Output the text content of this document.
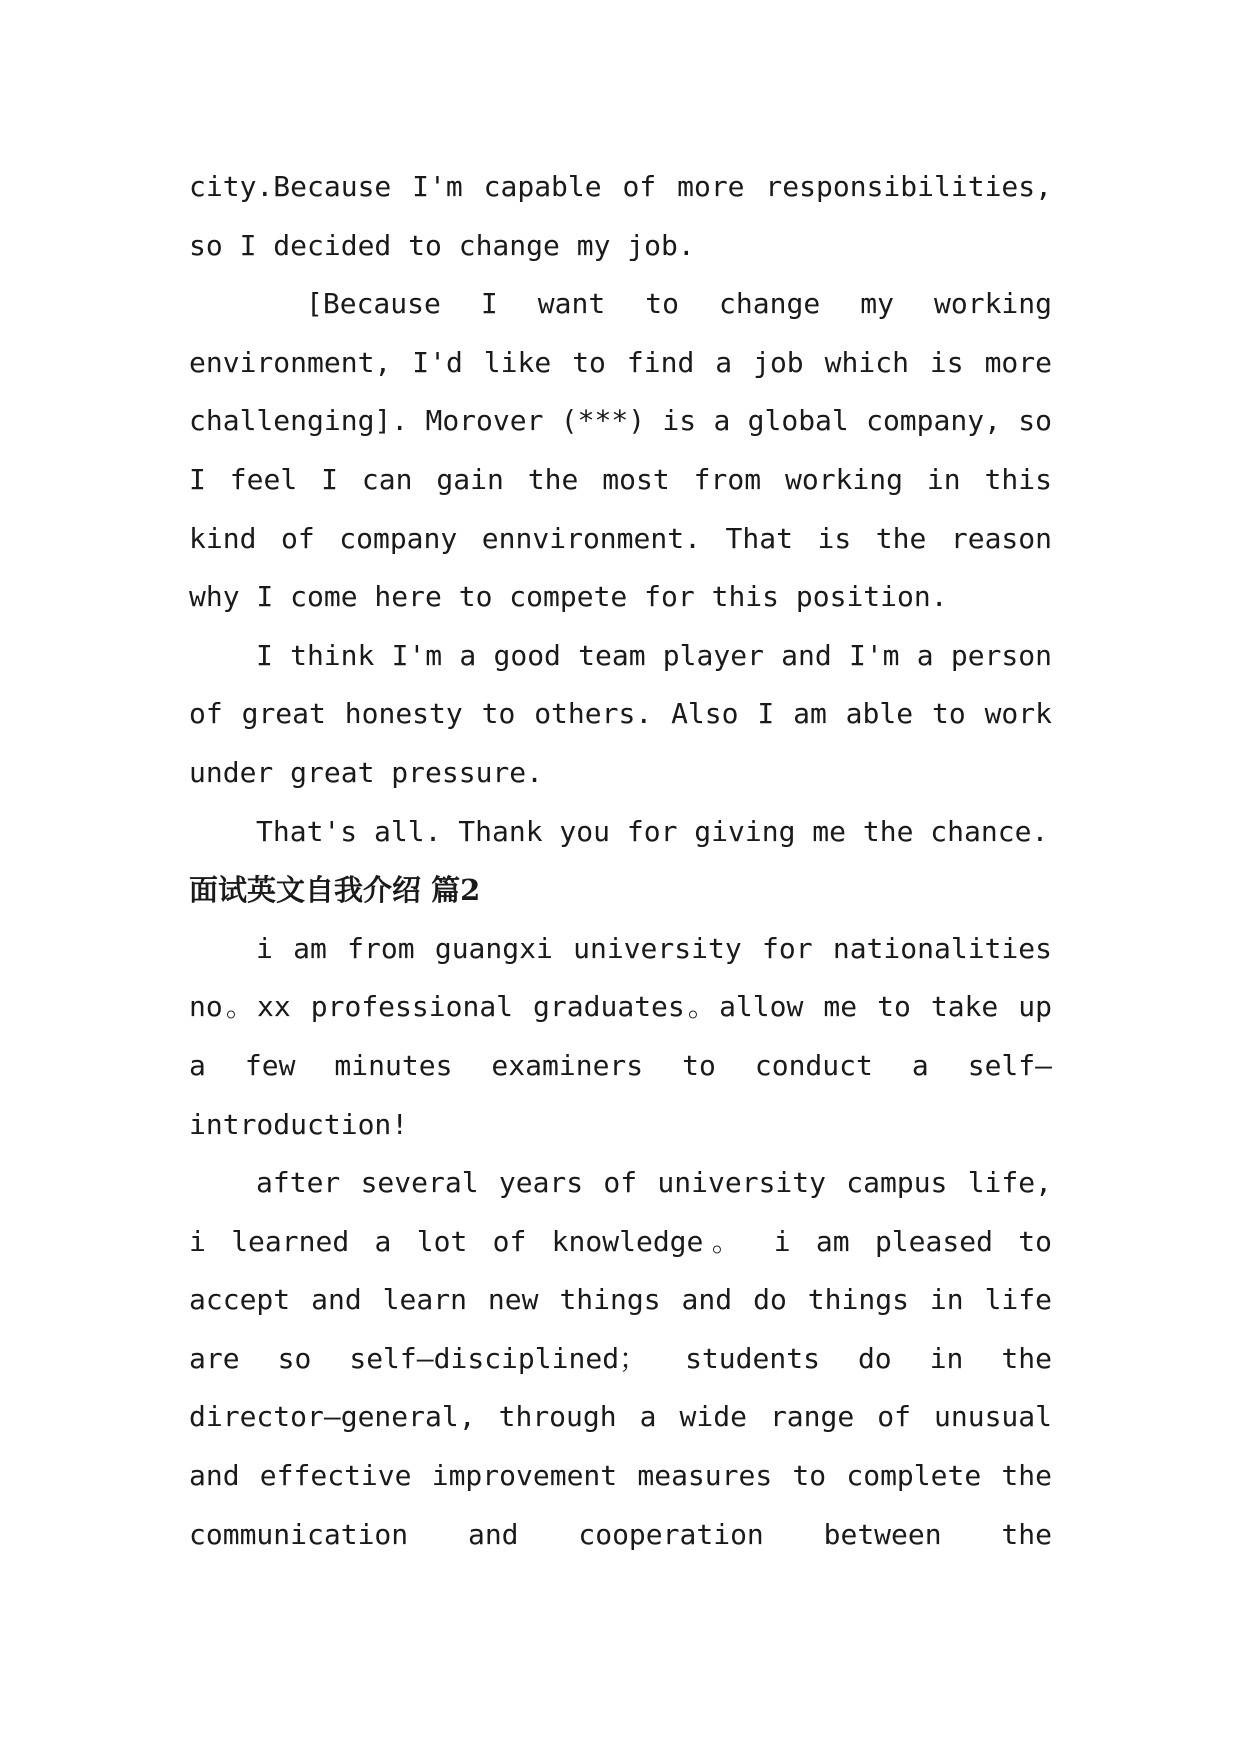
city.Because I'm capable of more responsibilities, so I decided to change my job.

[Because I want to change my working environment, I'd like to find a job which is more challenging]. Morover (***) is a global company, so I feel I can gain the most from working in this kind of company ennvironment. That is the reason why I come here to compete for this position.

I think I'm a good team player and I'm a person of great honesty to others. Also I am able to work under great pressure.

That's all. Thank you for giving me the chance.

面试英文自我介绍 篇2

i am from guangxi university for nationalities no。xx professional graduates。allow me to take up a few minutes examiners to conduct a self—introduction!

after several years of university campus life, i learned a lot of knowledge。 i am pleased to accept and learn new things and do things in life are so self—disciplined； students do in the director—general, through a wide range of unusual and effective improvement measures to complete the communication and cooperation between the
